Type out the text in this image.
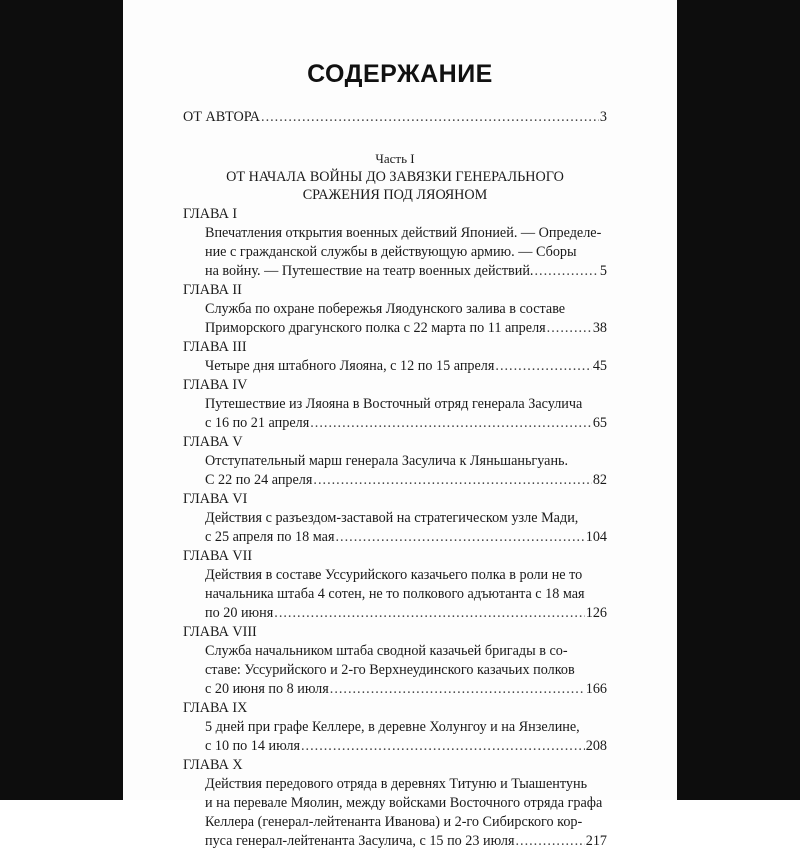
СОДЕРЖАНИЕ
ОТ АВТОРА .....	3
Часть I
ОТ НАЧАЛА ВОЙНЫ ДО ЗАВЯЗКИ ГЕНЕРАЛЬНОГО
СРАЖЕНИЯ ПОД ЛЯОЯНОМ
ГЛАВА I
Впечатления открытия военных действий Японией. — Определе-
ние с гражданской службы в действующую армию. — Сборы
на войну. — Путешествие на театр военных действий. .....	5
ГЛАВА II
Служба по охране побережья Ляодунского залива в составе
Приморского драгунского полка с 22 марта по 11 апреля .....	38
ГЛАВА III
Четыре дня штабного Ляояна, с 12 по 15 апреля .....	45
ГЛАВА IV
Путешествие из Ляояна в Восточный отряд генерала Засулича
с 16 по 21 апреля .....	65
ГЛАВА V
Отступательный марш генерала Засулича к Ляньшаньгуань.
С 22 по 24 апреля .....	82
ГЛАВА VI
Действия с разъездом-заставой на стратегическом узле Мади,
с 25 апреля по 18 мая .....	104
ГЛАВА VII
Действия в составе Уссурийского казачьего полка в роли не то
начальника штаба 4 сотен, не то полкового адъютанта с 18 мая
по 20 июня .....	126
ГЛАВА VIII
Служба начальником штаба сводной казачьей бригады в со-
ставе: Уссурийского и 2-го Верхнеудинского казачьих полков
с 20 июня по 8 июля .....	166
ГЛАВА IX
5 дней при графе Келлере, в деревне Холунгоу и на Янзелине,
с 10 по 14 июля .....	208
ГЛАВА X
Действия передового отряда в деревнях Титуню и Тыашентунь
и на перевале Мяолин, между войсками Восточного отряда графа
Келлера (генерал-лейтенанта Иванова) и 2-го Сибирского кор-
пуса генерал-лейтенанта Засулича, с 15 по 23 июля .....	217
